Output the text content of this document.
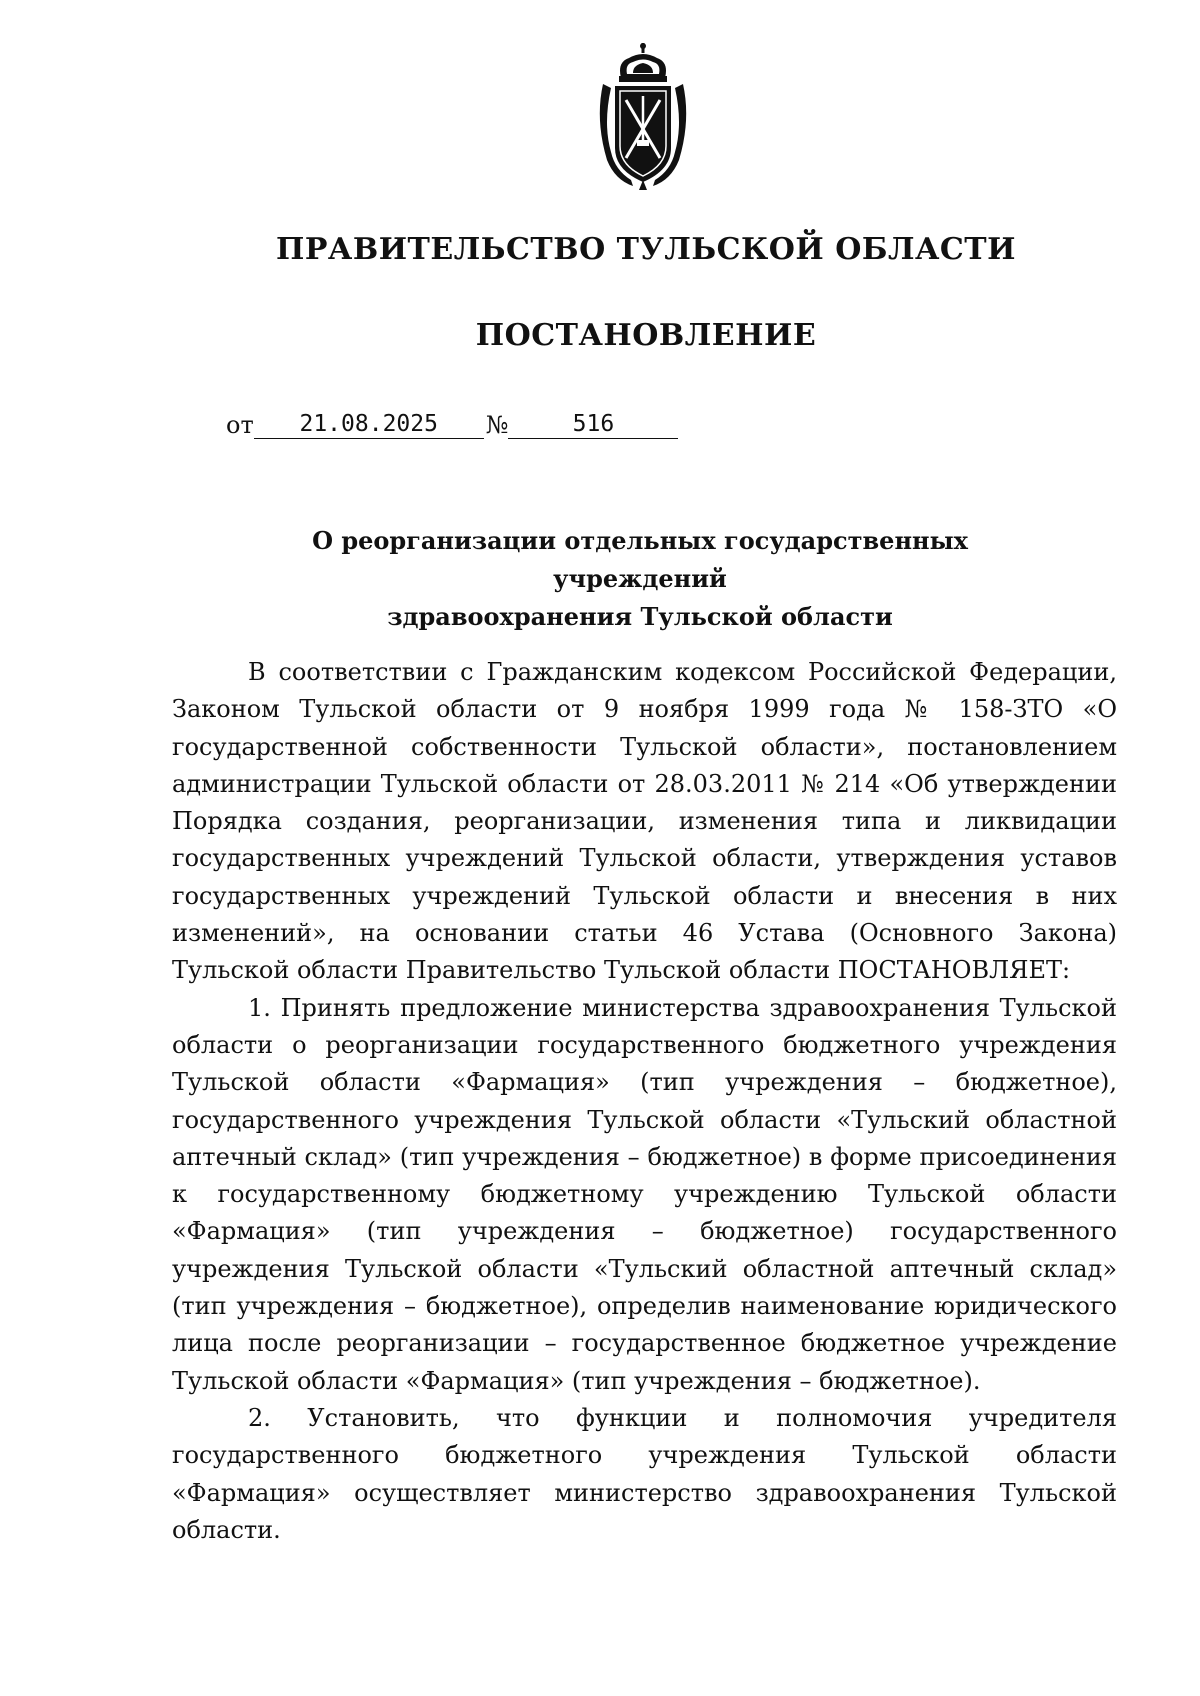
ПРАВИТЕЛЬСТВО ТУЛЬСКОЙ ОБЛАСТИ
ПОСТАНОВЛЕНИЕ
от	21.08.2025	№	516
О реорганизации отдельных государственных учреждений
здравоохранения Тульской области

В соответствии с Гражданским кодексом Российской Федерации, Законом Тульской области от 9 ноября 1999 года № 158-ЗТО «О государственной собственности Тульской области», постановлением администрации Тульской области от 28.03.2011 № 214 «Об утверждении Порядка создания, реорганизации, изменения типа и ликвидации государственных учреждений Тульской области, утверждения уставов государственных учреждений Тульской области и внесения в них изменений», на основании статьи 46 Устава (Основного Закона) Тульской области Правительство Тульской области ПОСТАНОВЛЯЕТ:

1. Принять предложение министерства здравоохранения Тульской области о реорганизации государственного бюджетного учреждения Тульской области «Фармация» (тип учреждения – бюджетное), государственного учреждения Тульской области «Тульский областной аптечный склад» (тип учреждения – бюджетное) в форме присоединения к государственному бюджетному учреждению Тульской области «Фармация» (тип учреждения – бюджетное) государственного учреждения Тульской области «Тульский областной аптечный склад» (тип учреждения – бюджетное), определив наименование юридического лица после реорганизации – государственное бюджетное учреждение Тульской области «Фармация» (тип учреждения – бюджетное).

2. Установить, что функции и полномочия учредителя государственного бюджетного учреждения Тульской области «Фармация» осуществляет министерство здравоохранения Тульской области.
